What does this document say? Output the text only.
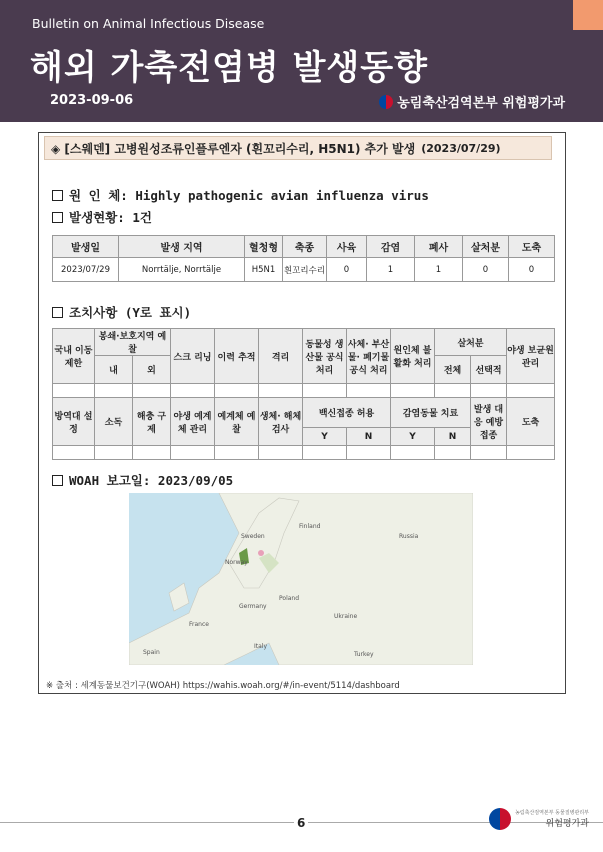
Bulletin on Animal Infectious Disease
해외 가축전염병 발생동향
2023-09-06	농림축산검역본부 위험평가과
◈ [스웨덴] 고병원성조류인플루엔자 (흰꼬리수리, H5N1) 추가 발생 (2023/07/29)
원 인 체: Highly pathogenic avian influenza virus
발생현황: 1건
발생일	발생 지역	혈청형	축종	사육	감염	폐사	살처분	도축
2023/07/29	Norrtälje, Norrtälje	H5N1	흰꼬리수리	0	1	1	0	0
조치사항 (Y로 표시)
국내 이동 제한	봉쇄·보호지역 예찰		스크 리닝	이력 추적	격리	동물성 생산물 공식 처리	사체· 부산물· 폐기물 공식 처리	원인체 불활화 처리	살처분		야생 보균원 관리
	내	외							전체	선택적	

방역대 설정	소독	해충 구제	야생 예계체 관리	예계체 예찰	생체· 해체 검사	백신접종 허용		감염동물 치료		발생 대응 예방 접종	도축
						Y	N	Y	N		

WOAH 보고일: 2023/09/05
Sweden
Norway
Finland
Russia
Germany
Poland
Ukraine
France
Spain
Italy
Turkey
※ 출처 : 세계동물보건기구(WOAH) https://wahis.woah.org/#/in-event/5114/dashboard
6
농림축산검역본부 동물질병관리부
위험평가과
